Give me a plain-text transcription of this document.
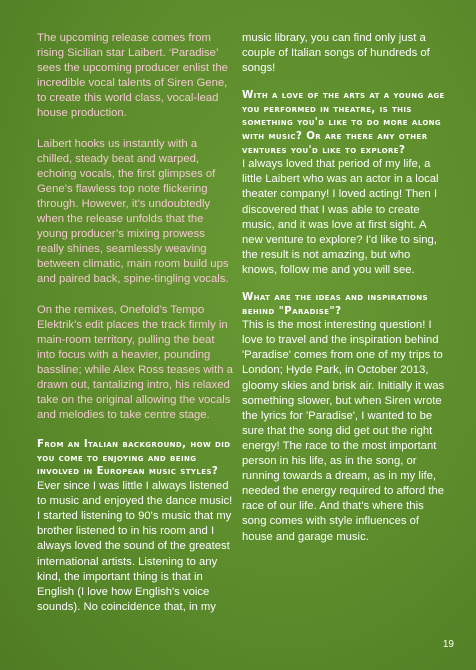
The upcoming release comes from rising Sicilian star Laibert. ‘Paradise’ sees the upcoming producer enlist the incredible vocal talents of Siren Gene, to create this world class, vocal-lead house production.

Laibert hooks us instantly with a chilled, steady beat and warped, echoing vocals, the first glimpses of Gene’s flawless top note flickering through. However, it’s undoubtedly when the release unfolds that the young producer’s mixing prowess really shines, seamlessly weaving between climatic, main room build ups and paired back, spine-tingling vocals.

On the remixes, Onefold’s Tempo Elektrik’s edit places the track firmly in main-room territory, pulling the beat into focus with a heavier, pounding bassline; while Alex Ross teases with a drawn out, tantalizing intro, his relaxed take on the original allowing the vocals and melodies to take centre stage.

From an Italian background, how did you come to enjoying and being involved in European music styles?

Ever since I was little I always listened to music and enjoyed the dance music! I started listening to 90's music that my brother listened to in his room and I always loved the sound of the greatest international artists. Listening to any kind, the important thing is that in English (I love how English's voice sounds). No coincidence that, in my

music library, you can find only just a couple of Italian songs of hundreds of songs!

With a love of the arts at a young age you performed in theatre, is this something you'd like to do more along with music? Or are there any other ventures you'd like to explore?

I always loved that period of my life, a little Laibert who was an actor in a local theater company! I loved acting! Then I discovered that I was able to create music, and it was love at first sight. A new venture to explore? I'd like to sing, the result is not amazing, but who knows, follow me and you will see.

What are the ideas and inspirations behind "Paradise"?

This is the most interesting question! I love to travel and the inspiration behind 'Paradise' comes from one of my trips to London; Hyde Park, in October 2013, gloomy skies and brisk air. Initially it was something slower, but when Siren wrote the lyrics for 'Paradise', I wanted to be sure that the song did get out the right energy! The race to the most important person in his life, as in the song, or running towards a dream, as in my life, needed the energy required to afford the race of our life. And that's where this song comes with style influences of house and garage music.

19
